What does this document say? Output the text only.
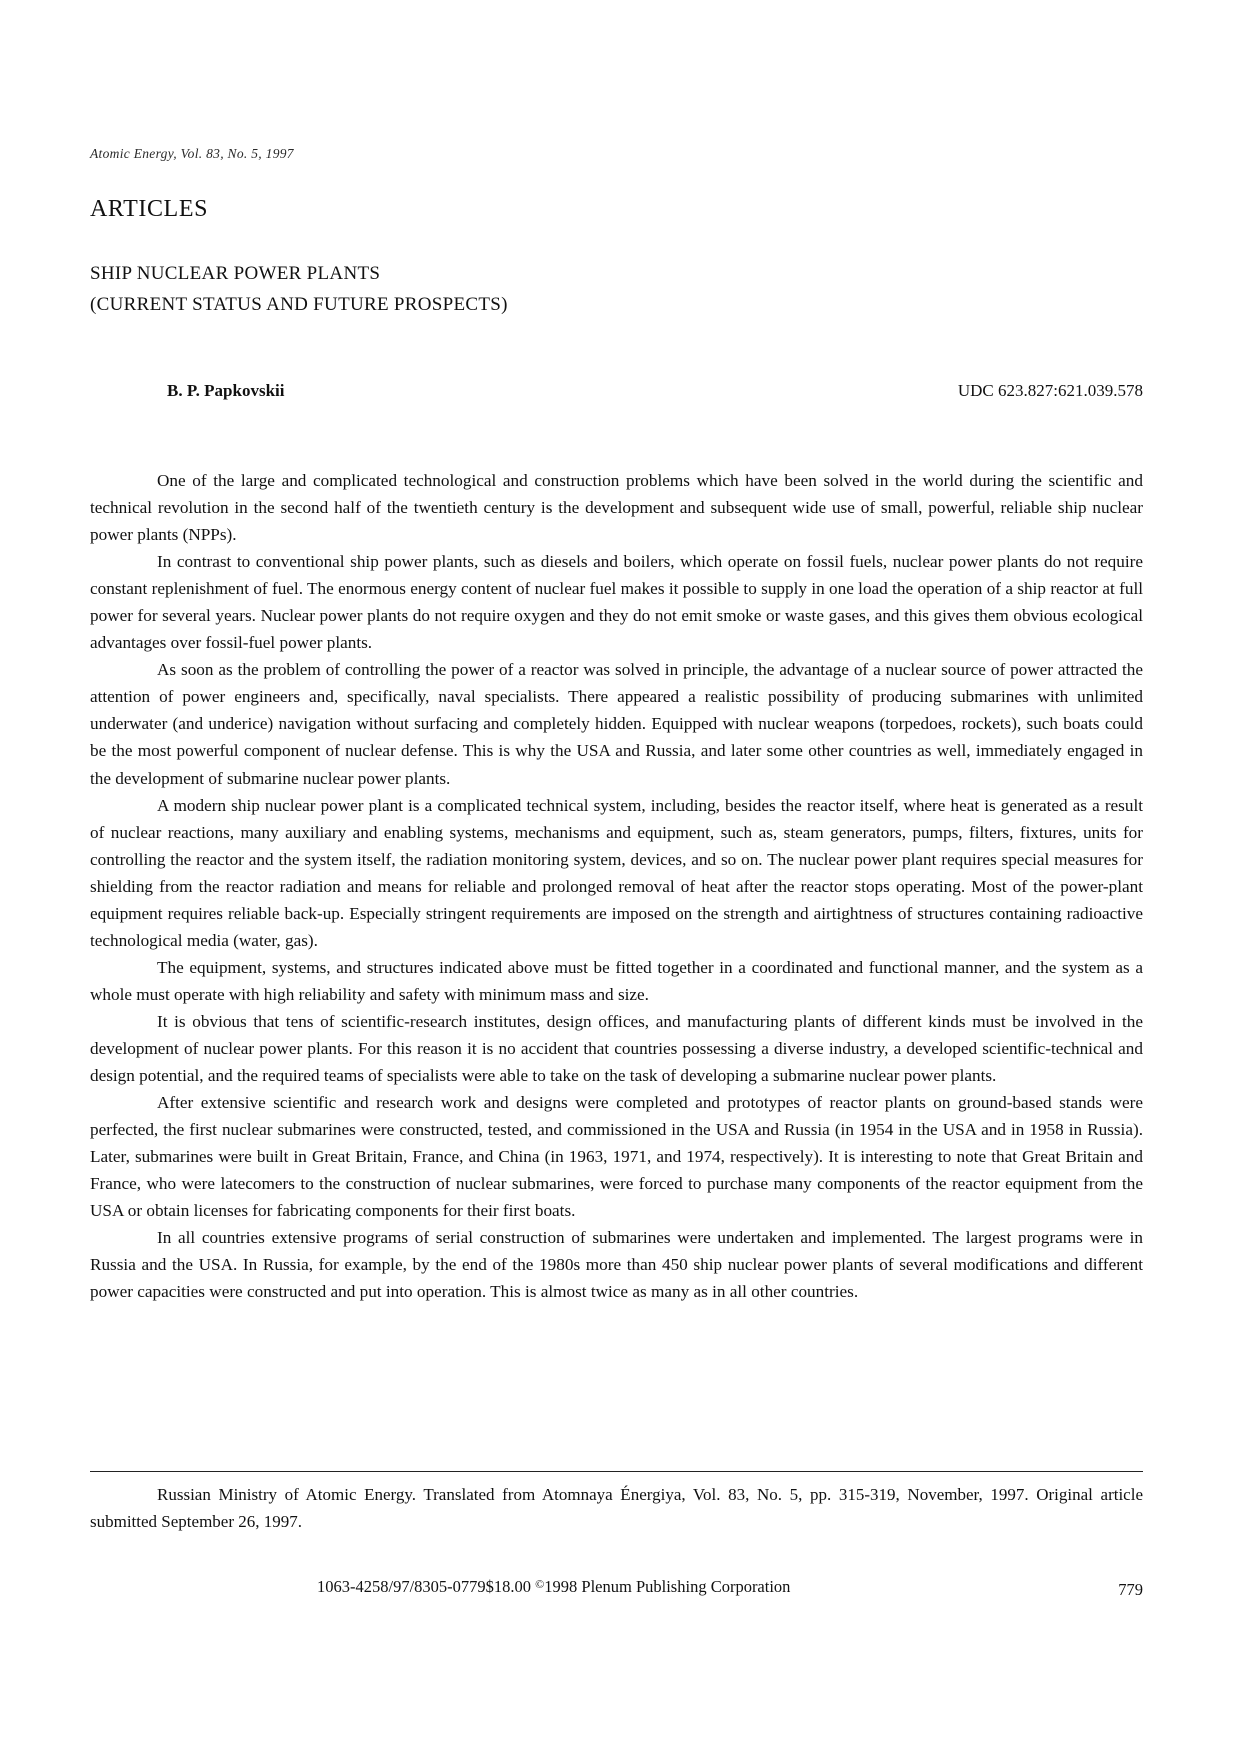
Atomic Energy, Vol. 83, No. 5, 1997
ARTICLES
SHIP NUCLEAR POWER PLANTS
(CURRENT STATUS AND FUTURE PROSPECTS)
B. P. Papkovskii	UDC 623.827:621.039.578

One of the large and complicated technological and construction problems which have been solved in the world during the scientific and technical revolution in the second half of the twentieth century is the development and subsequent wide use of small, powerful, reliable ship nuclear power plants (NPPs).

In contrast to conventional ship power plants, such as diesels and boilers, which operate on fossil fuels, nuclear power plants do not require constant replenishment of fuel. The enormous energy content of nuclear fuel makes it possible to supply in one load the operation of a ship reactor at full power for several years. Nuclear power plants do not require oxygen and they do not emit smoke or waste gases, and this gives them obvious ecological advantages over fossil-fuel power plants.

As soon as the problem of controlling the power of a reactor was solved in principle, the advantage of a nuclear source of power attracted the attention of power engineers and, specifically, naval specialists. There appeared a realistic possibility of producing submarines with unlimited underwater (and underice) navigation without surfacing and completely hidden. Equipped with nuclear weapons (torpedoes, rockets), such boats could be the most powerful component of nuclear defense. This is why the USA and Russia, and later some other countries as well, immediately engaged in the development of submarine nuclear power plants.

A modern ship nuclear power plant is a complicated technical system, including, besides the reactor itself, where heat is generated as a result of nuclear reactions, many auxiliary and enabling systems, mechanisms and equipment, such as, steam generators, pumps, filters, fixtures, units for controlling the reactor and the system itself, the radiation monitoring system, devices, and so on. The nuclear power plant requires special measures for shielding from the reactor radiation and means for reliable and prolonged removal of heat after the reactor stops operating. Most of the power-plant equipment requires reliable back-up. Especially stringent requirements are imposed on the strength and airtightness of structures containing radioactive technological media (water, gas).

The equipment, systems, and structures indicated above must be fitted together in a coordinated and functional manner, and the system as a whole must operate with high reliability and safety with minimum mass and size.

It is obvious that tens of scientific-research institutes, design offices, and manufacturing plants of different kinds must be involved in the development of nuclear power plants. For this reason it is no accident that countries possessing a diverse industry, a developed scientific-technical and design potential, and the required teams of specialists were able to take on the task of developing a submarine nuclear power plants.

After extensive scientific and research work and designs were completed and prototypes of reactor plants on ground-based stands were perfected, the first nuclear submarines were constructed, tested, and commissioned in the USA and Russia (in 1954 in the USA and in 1958 in Russia). Later, submarines were built in Great Britain, France, and China (in 1963, 1971, and 1974, respectively). It is interesting to note that Great Britain and France, who were latecomers to the construction of nuclear submarines, were forced to purchase many components of the reactor equipment from the USA or obtain licenses for fabricating components for their first boats.

In all countries extensive programs of serial construction of submarines were undertaken and implemented. The largest programs were in Russia and the USA. In Russia, for example, by the end of the 1980s more than 450 ship nuclear power plants of several modifications and different power capacities were constructed and put into operation. This is almost twice as many as in all other countries.

Russian Ministry of Atomic Energy. Translated from Atomnaya Énergiya, Vol. 83, No. 5, pp. 315-319, November, 1997. Original article submitted September 26, 1997.

1063-4258/97/8305-0779$18.00 ©1998 Plenum Publishing Corporation	779
